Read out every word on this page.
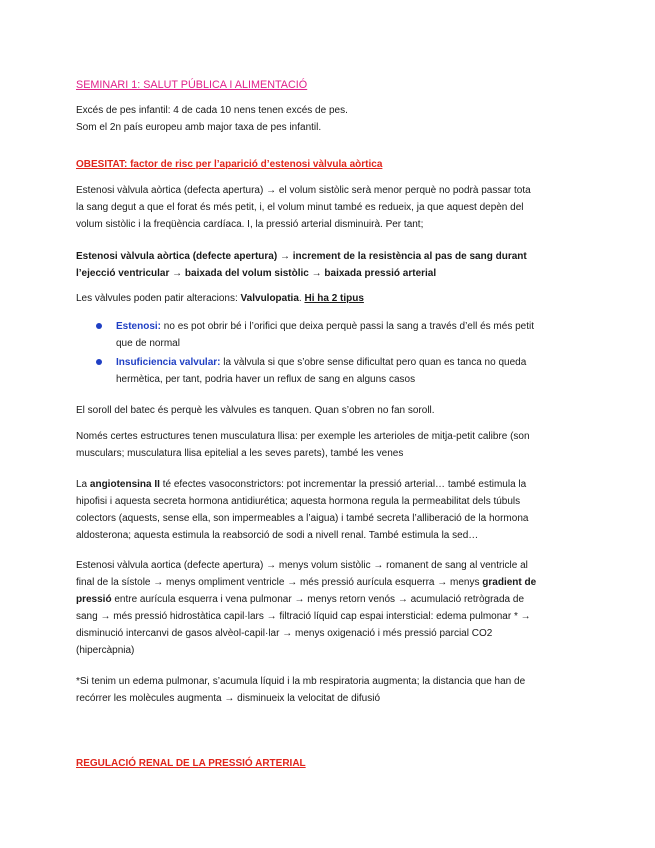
SEMINARI 1: SALUT PÚBLICA I ALIMENTACIÓ
Excés de pes infantil: 4 de cada 10 nens tenen excés de pes.
Som el 2n país europeu amb major taxa de pes infantil.
OBESITAT: factor de risc per l’aparició d’estenosi vàlvula aòrtica
Estenosi vàlvula aòrtica (defecta apertura) → el volum sistòlic serà menor perquè no podrà passar tota
la sang degut a que el forat és més petit, i, el volum minut també es redueix, ja que aquest depèn del
volum sistòlic i la freqüència cardíaca. I, la pressió arterial disminuirà. Per tant;
Estenosi vàlvula aòrtica (defecte apertura) → increment de la resistència al pas de sang durant
l’ejecció ventricular → baixada del volum sistòlic → baixada pressió arterial
Les vàlvules poden patir alteracions: Valvulopatia. Hi ha 2 tipus
Estenosi: no es pot obrir bé i l’orifici que deixa perquè passi la sang a través d’ell és més petit
que de normal
Insuficiencia valvular: la vàlvula si que s’obre sense dificultat pero quan es tanca no queda
hermètica, per tant, podria haver un reflux de sang en alguns casos
El soroll del batec és perquè les vàlvules es tanquen. Quan s’obren no fan soroll.
Només certes estructures tenen musculatura llisa: per exemple les arterioles de mitja-petit calibre (son
musculars; musculatura llisa epitelial a les seves parets), també les venes
La angiotensina II té efectes vasoconstrictors: pot incrementar la pressió arterial… també estimula la
hipofisi i aquesta secreta hormona antidiurética; aquesta hormona regula la permeabilitat dels túbuls
colectors (aquests, sense ella, son impermeables a l’aigua) i també secreta l’alliberació de la hormona
aldosterona; aquesta estimula la reabsorció de sodi a nivell renal. També estimula la sed…
Estenosi vàlvula aortica (defecte apertura) → menys volum sistòlic → romanent de sang al ventricle al
final de la sístole → menys ompliment ventricle → més pressió aurícula esquerra → menys gradient de
pressió entre aurícula esquerra i vena pulmonar → menys retorn venós → acumulació retrògrada de
sang → més pressió hidrostàtica capil·lars → filtració líquid cap espai intersticial: edema pulmonar * →
disminució intercanvi de gasos alvèol-capil·lar → menys oxigenació i més pressió parcial CO2
(hipercàpnia)
*Si tenim un edema pulmonar, s’acumula líquid i la mb respiratoria augmenta; la distancia que han de
recórrer les molècules augmenta → disminueix la velocitat de difusió
REGULACIÓ RENAL DE LA PRESSIÓ ARTERIAL
